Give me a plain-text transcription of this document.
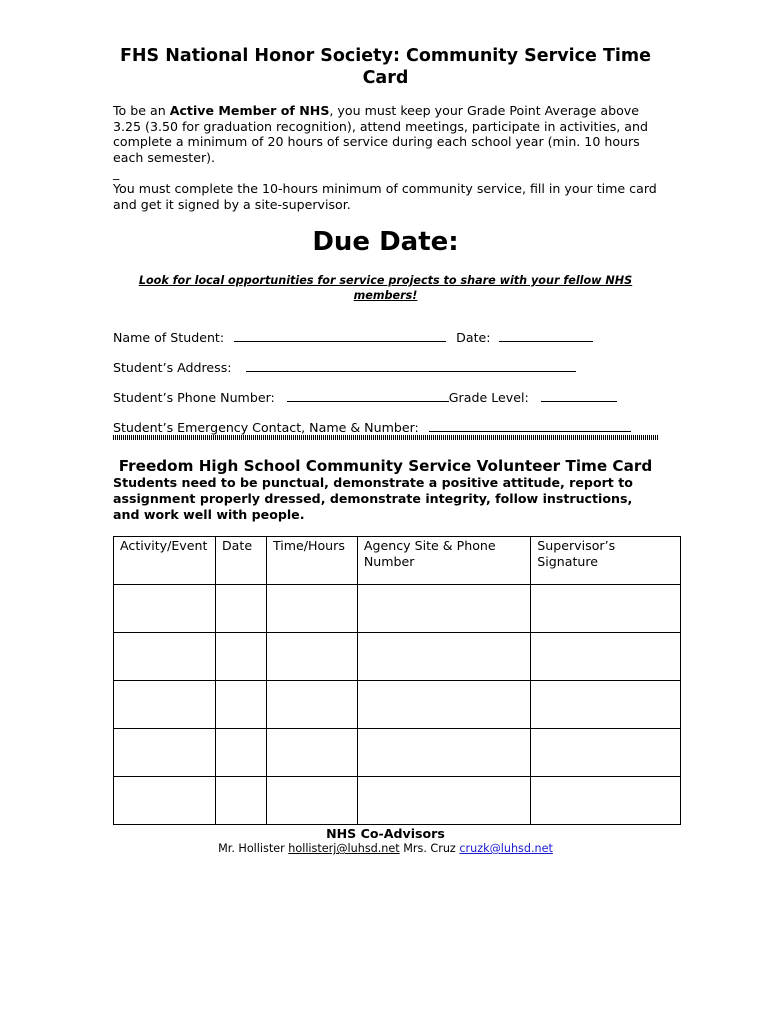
FHS National Honor Society: Community Service Time Card
To be an Active Member of NHS, you must keep your Grade Point Average above 3.25 (3.50 for graduation recognition), attend meetings, participate in activities, and complete a minimum of 20 hours of service during each school year (min. 10 hours each semester).
_
You must complete the 10-hours minimum of community service, fill in your time card and get it signed by a site-supervisor.
Due Date:
Look for local opportunities for service projects to share with your fellow NHS members!
Name of Student:	Date:
Student’s Address:
Student’s Phone Number:	Grade Level:
Student’s Emergency Contact, Name & Number:
Freedom High School Community Service Volunteer Time Card
Students need to be punctual, demonstrate a positive attitude, report to assignment properly dressed, demonstrate integrity, follow instructions, and work well with people.
Activity/Event	Date	Time/Hours	Agency Site & Phone Number	Supervisor’s Signature

NHS Co-Advisors
Mr. Hollister hollisterj@luhsd.net Mrs. Cruz cruzk@luhsd.net
